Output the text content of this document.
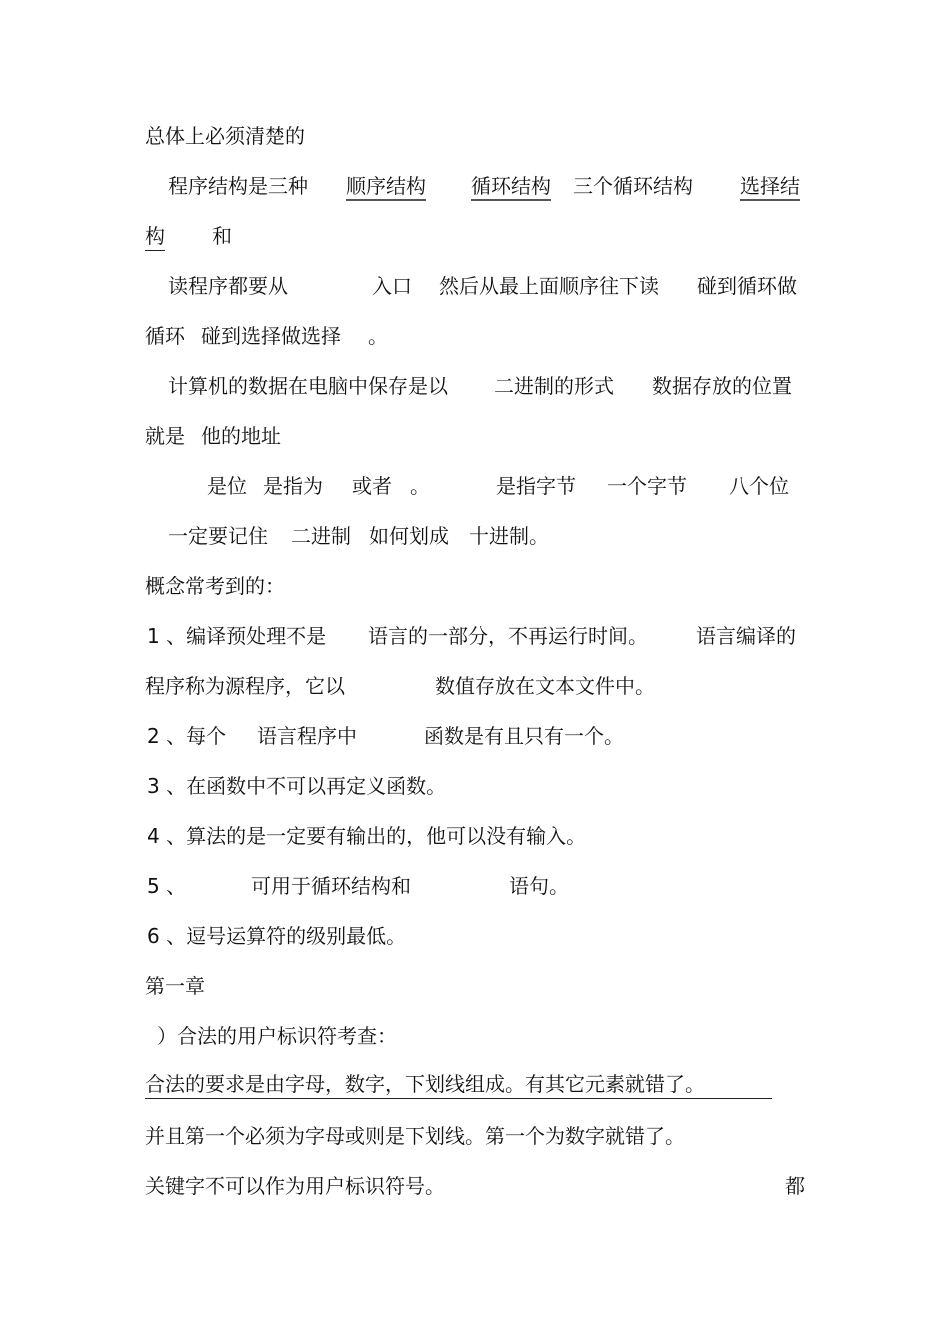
总体上必须清楚的
程序结构是三种 顺序结构 循环结构 三个循环结构 选择结
构 和
读程序都要从	入口 然后从最上面顺序往下读 碰到循环做
循环 碰到选择做选择 。
计算机的数据在电脑中保存是以 二进制的形式 数据存放的位置
就是 他的地址
是位 是指为 或者 。	是指字节 一个字节 八个位
一定要记住 二进制 如何划成 十进制。
概念常考到的：
1 、编译预处理不是 语言的一部分，不再运行时间。 语言编译的
程序称为源程序，它以	数值存放在文本文件中。
2 、每个 语言程序中	函数是有且只有一个。
3 、在函数中不可以再定义函数。
4 、算法的是一定要有输出的，他可以没有输入。
5 、	可用于循环结构和	语句。
6 、逗号运算符的级别最低。
第一章
）合法的用户标识符考查：
合法的要求是由字母，数字，下划线组成。有其它元素就错了。
并且第一个必须为字母或则是下划线。第一个为数字就错了。
关键字不可以作为用户标识符号。	都
